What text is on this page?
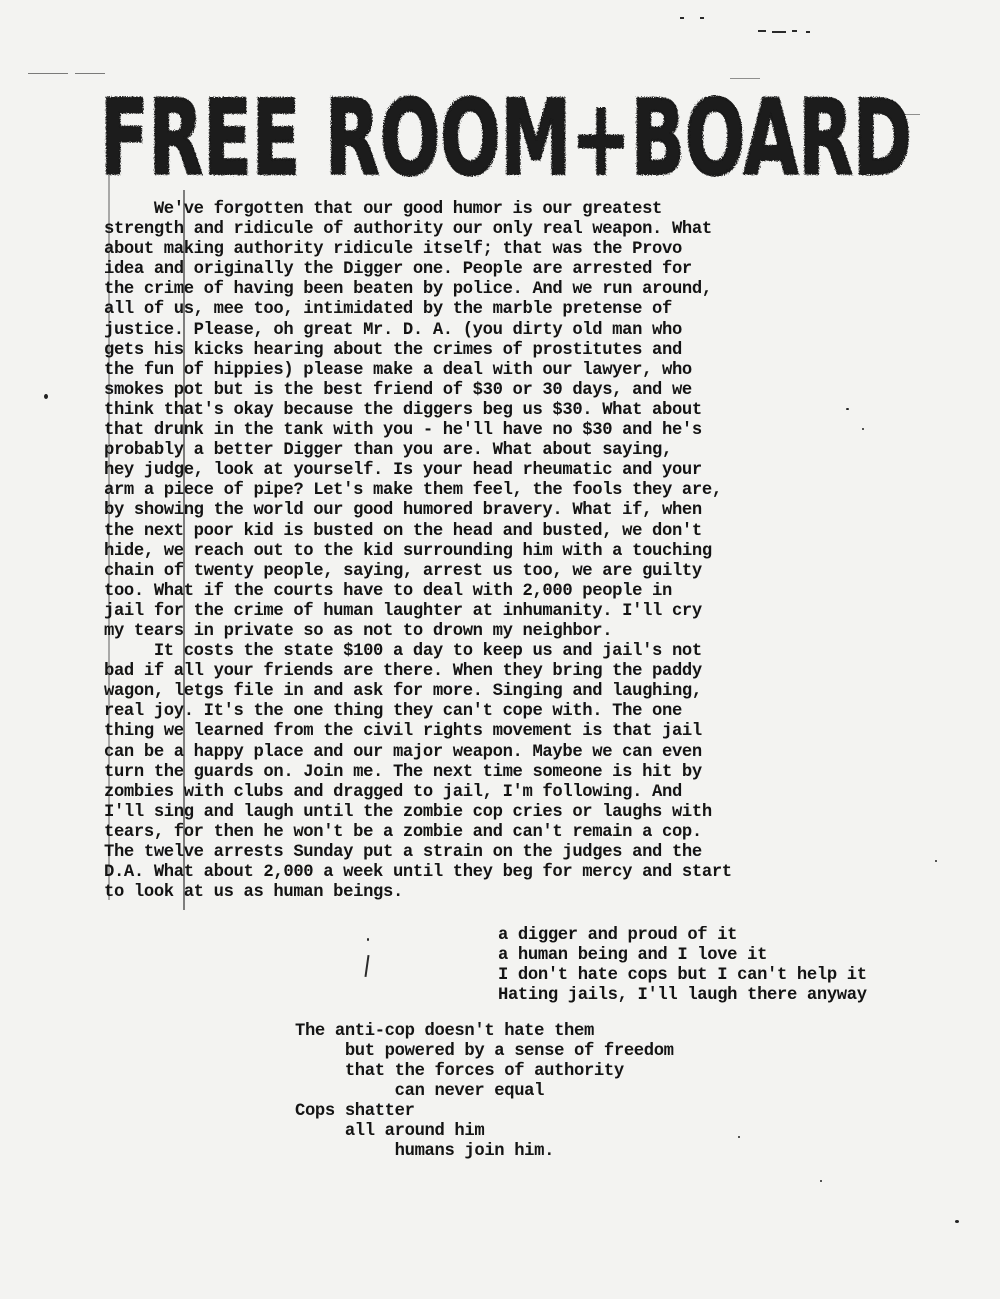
FREE ROOM+BOARD
We've forgotten that our good humor is our greatest
strength and ridicule of authority our only real weapon. What
about making authority ridicule itself; that was the Provo
idea and originally the Digger one. People are arrested for
the crime of having been beaten by police. And we run around,
all of us, mee too, intimidated by the marble pretense of
justice. Please, oh great Mr. D. A. (you dirty old man who
gets his kicks hearing about the crimes of prostitutes and
the fun of hippies) please make a deal with our lawyer, who
smokes pot but is the best friend of $30 or 30 days, and we
think that's okay because the diggers beg us $30. What about
that drunk in the tank with you - he'll have no $30 and he's
probably a better Digger than you are. What about saying,
hey judge, look at yourself. Is your head rheumatic and your
arm a piece of pipe? Let's make them feel, the fools they are,
by showing the world our good humored bravery. What if, when
the next poor kid is busted on the head and busted, we don't
hide, we reach out to the kid surrounding him with a touching
chain of twenty people, saying, arrest us too, we are guilty
too. What if the courts have to deal with 2,000 people in
jail for the crime of human laughter at inhumanity. I'll cry
my tears in private so as not to drown my neighbor.
It costs the state $100 a day to keep us and jail's not
bad if all your friends are there. When they bring the paddy
wagon, letgs file in and ask for more. Singing and laughing,
real joy. It's the one thing they can't cope with. The one
thing we learned from the civil rights movement is that jail
can be a happy place and our major weapon. Maybe we can even
turn the guards on. Join me. The next time someone is hit by
zombies with clubs and dragged to jail, I'm following. And
I'll sing and laugh until the zombie cop cries or laughs with
tears, for then he won't be a zombie and can't remain a cop.
The twelve arrests Sunday put a strain on the judges and the
D.A. What about 2,000 a week until they beg for mercy and start
to look at us as human beings.
a digger and proud of it
a human being and I love it
I don't hate cops but I can't help it
Hating jails, I'll laugh there anyway
The anti-cop doesn't hate them
but powered by a sense of freedom
that the forces of authority
can never equal
Cops shatter
all around him
humans join him.
